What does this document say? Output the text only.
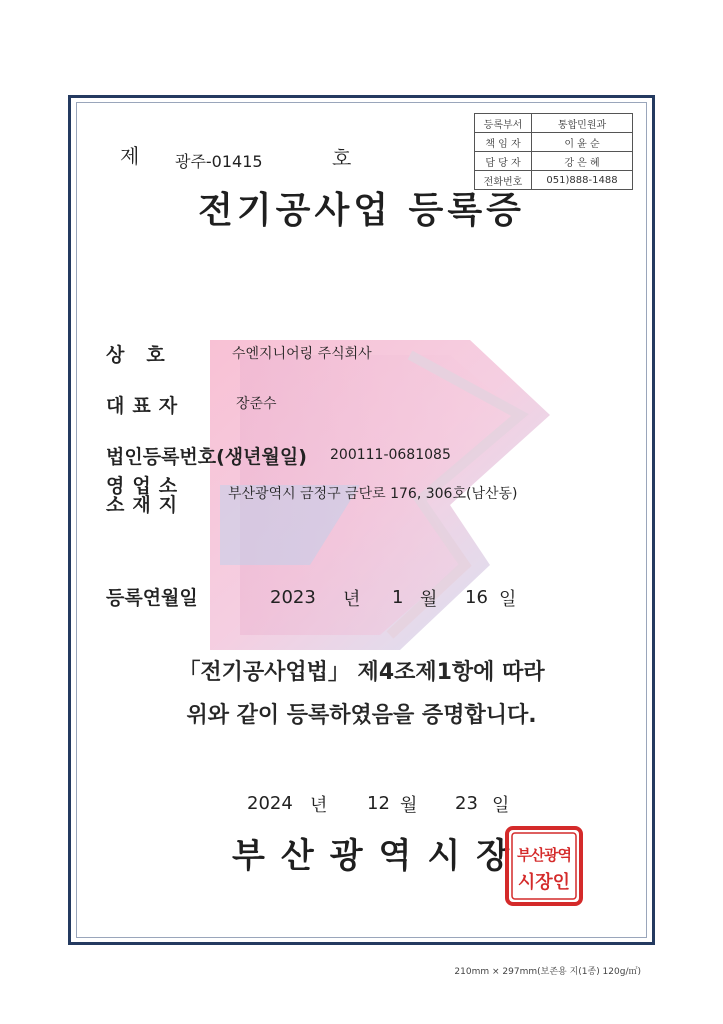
등록부서	통합민원과
책 임 자	이 윤 순
담 당 자	강 은 혜
전화번호	051)888-1488
제 광주-01415	호
전기공사업 등록증
상호	수엔지니어링 주식회사
대표자	장준수
법인등록번호(생년월일) 200111-0681085
영업소
소재지	부산광역시 금정구 금단로 176, 306호(남산동)
등록연월일	2023 년 1 월 16 일
「전기공사업법」 제4조제1항에 따라
위와 같이 등록하였음을 증명합니다.
2024 년 12 월 23 일
부산광역시장
부산광역
시장인
210mm × 297mm(보존용 지(1종) 120g/㎡)
